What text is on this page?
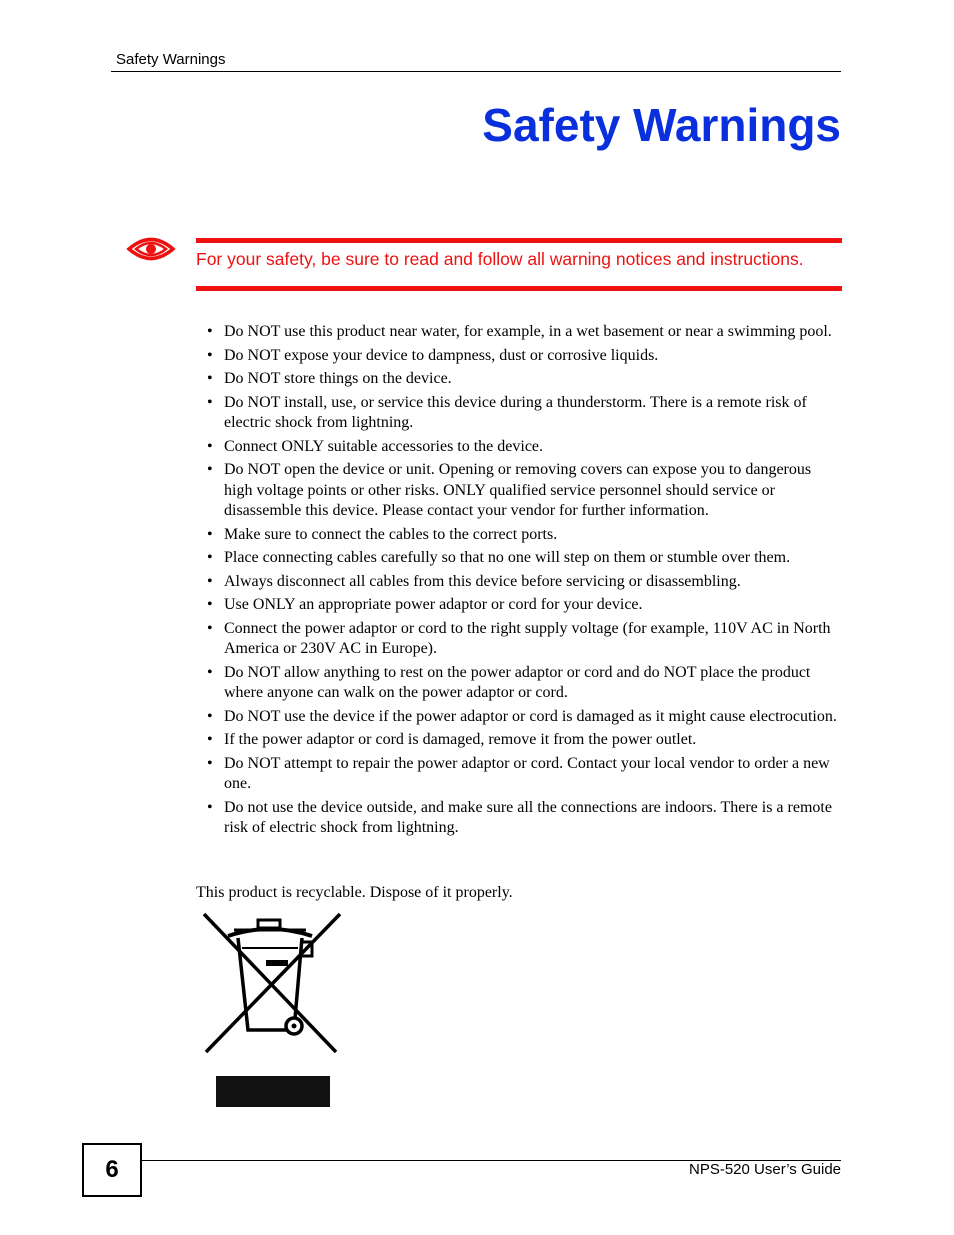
Safety Warnings
Safety Warnings
For your safety, be sure to read and follow all warning notices and instructions.
• Do NOT use this product near water, for example, in a wet basement or near a swimming pool.
• Do NOT expose your device to dampness, dust or corrosive liquids.
• Do NOT store things on the device.
• Do NOT install, use, or service this device during a thunderstorm. There is a remote risk of electric shock from lightning.
• Connect ONLY suitable accessories to the device.
• Do NOT open the device or unit. Opening or removing covers can expose you to dangerous high voltage points or other risks. ONLY qualified service personnel should service or disassemble this device. Please contact your vendor for further information.
• Make sure to connect the cables to the correct ports.
• Place connecting cables carefully so that no one will step on them or stumble over them.
• Always disconnect all cables from this device before servicing or disassembling.
• Use ONLY an appropriate power adaptor or cord for your device.
• Connect the power adaptor or cord to the right supply voltage (for example, 110V AC in North America or 230V AC in Europe).
• Do NOT allow anything to rest on the power adaptor or cord and do NOT place the product where anyone can walk on the power adaptor or cord.
• Do NOT use the device if the power adaptor or cord is damaged as it might cause electrocution.
• If the power adaptor or cord is damaged, remove it from the power outlet.
• Do NOT attempt to repair the power adaptor or cord. Contact your local vendor to order a new one.
• Do not use the device outside, and make sure all the connections are indoors. There is a remote risk of electric shock from lightning.
This product is recyclable. Dispose of it properly.
6	NPS-520 User’s Guide
